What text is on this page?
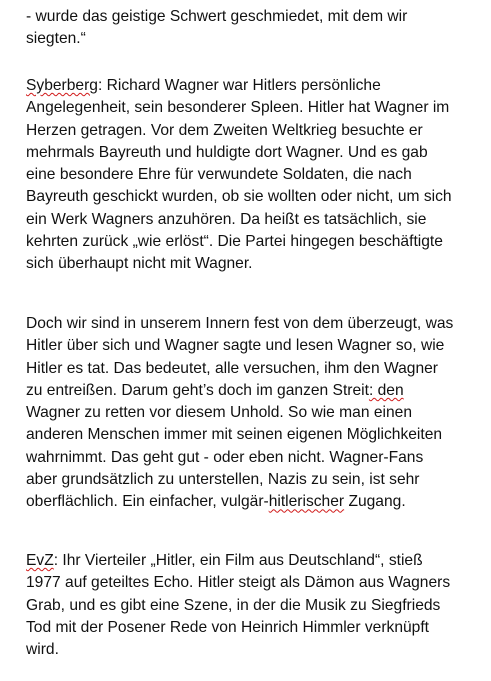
- wurde das geistige Schwert geschmiedet, mit dem wir
siegten.“

Syberberg: Richard Wagner war Hitlers persönliche
Angelegenheit, sein besonderer Spleen. Hitler hat Wagner im
Herzen getragen. Vor dem Zweiten Weltkrieg besuchte er
mehrmals Bayreuth und huldigte dort Wagner. Und es gab
eine besondere Ehre für verwundete Soldaten, die nach
Bayreuth geschickt wurden, ob sie wollten oder nicht, um sich
ein Werk Wagners anzuhören. Da heißt es tatsächlich, sie
kehrten zurück „wie erlöst“. Die Partei hingegen beschäftigte
sich überhaupt nicht mit Wagner.

Doch wir sind in unserem Innern fest von dem überzeugt, was
Hitler über sich und Wagner sagte und lesen Wagner so, wie
Hitler es tat. Das bedeutet, alle versuchen, ihm den Wagner
zu entreißen. Darum geht’s doch im ganzen Streit: den
Wagner zu retten vor diesem Unhold. So wie man einen
anderen Menschen immer mit seinen eigenen Möglichkeiten
wahrnimmt. Das geht gut - oder eben nicht. Wagner-Fans
aber grundsätzlich zu unterstellen, Nazis zu sein, ist sehr
oberflächlich. Ein einfacher, vulgär-hitlerischer Zugang.

EvZ: Ihr Vierteiler „Hitler, ein Film aus Deutschland“, stieß
1977 auf geteiltes Echo. Hitler steigt als Dämon aus Wagners
Grab, und es gibt eine Szene, in der die Musik zu Siegfrieds
Tod mit der Posener Rede von Heinrich Himmler verknüpft
wird.
